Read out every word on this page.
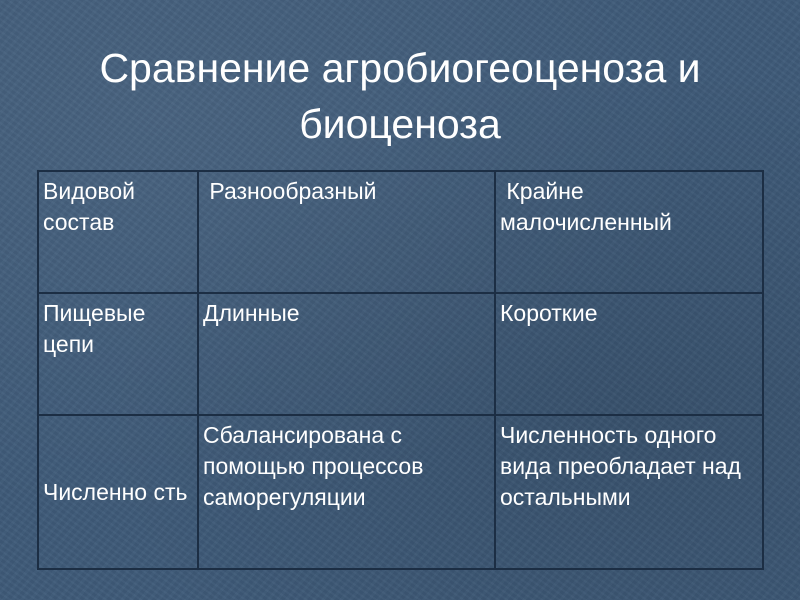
Сравнение агробиогеоценоза и биоценоза
Видовой состав	Разнообразный	Крайне малочисленный

Пищевые цепи	Длинные	Короткие

Численно сть	Сбалансирована с помощью процессов саморегуляции	Численность одного вида преобладает над остальными
